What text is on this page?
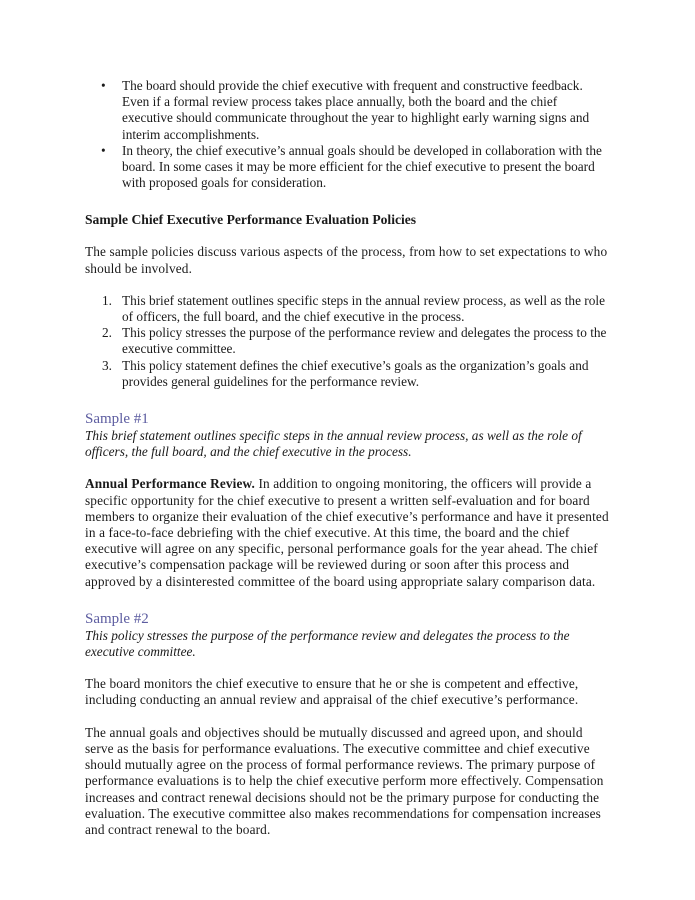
• The board should provide the chief executive with frequent and constructive feedback. Even if a formal review process takes place annually, both the board and the chief executive should communicate throughout the year to highlight early warning signs and interim accomplishments.
• In theory, the chief executive’s annual goals should be developed in collaboration with the board. In some cases it may be more efficient for the chief executive to present the board with proposed goals for consideration.
Sample Chief Executive Performance Evaluation Policies

The sample policies discuss various aspects of the process, from how to set expectations to who should be involved.

1. This brief statement outlines specific steps in the annual review process, as well as the role of officers, the full board, and the chief executive in the process.
2. This policy stresses the purpose of the performance review and delegates the process to the executive committee.
3. This policy statement defines the chief executive’s goals as the organization’s goals and provides general guidelines for the performance review.
Sample #1

This brief statement outlines specific steps in the annual review process, as well as the role of officers, the full board, and the chief executive in the process.

Annual Performance Review. In addition to ongoing monitoring, the officers will provide a specific opportunity for the chief executive to present a written self-evaluation and for board members to organize their evaluation of the chief executive’s performance and have it presented in a face-to-face debriefing with the chief executive. At this time, the board and the chief executive will agree on any specific, personal performance goals for the year ahead. The chief executive’s compensation package will be reviewed during or soon after this process and approved by a disinterested committee of the board using appropriate salary comparison data.

Sample #2

This policy stresses the purpose of the performance review and delegates the process to the executive committee.

The board monitors the chief executive to ensure that he or she is competent and effective, including conducting an annual review and appraisal of the chief executive’s performance.

The annual goals and objectives should be mutually discussed and agreed upon, and should serve as the basis for performance evaluations. The executive committee and chief executive should mutually agree on the process of formal performance reviews. The primary purpose of performance evaluations is to help the chief executive perform more effectively. Compensation increases and contract renewal decisions should not be the primary purpose for conducting the evaluation. The executive committee also makes recommendations for compensation increases and contract renewal to the board.
